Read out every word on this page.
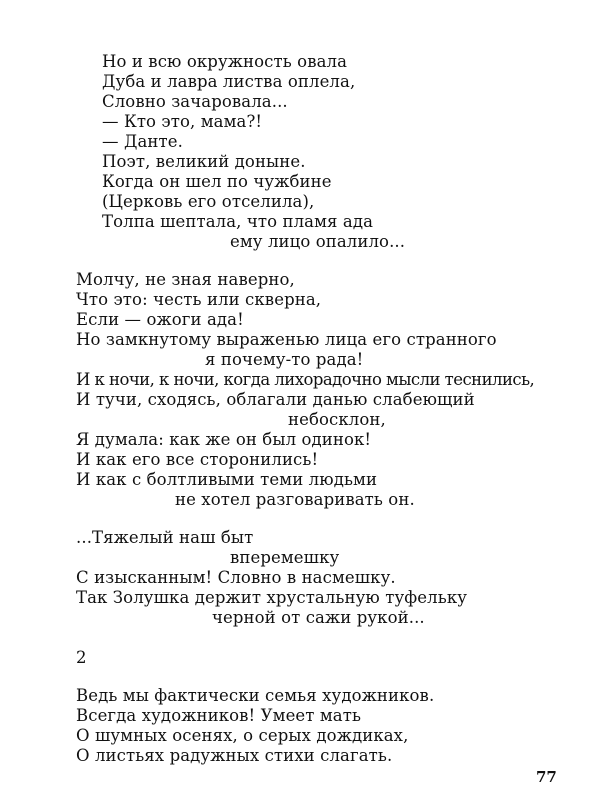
Но и всю окружность овала
Дуба и лавра листва оплела,
Словно зачаровала...
— Кто это, мама?!
— Данте.
Поэт, великий доныне.
Когда он шел по чужбине
(Церковь его отселила),
Толпа шептала, что пламя ада
ему лицо опалило...
Молчу, не зная наверно,
Что это: честь или скверна,
Если — ожоги ада!
Но замкнутому выраженью лица его странного
я почему-то рада!
И к ночи, к ночи, когда лихорадочно мысли теснились,
И тучи, сходясь, облагали данью слабеющий
небосклон,
Я думала: как же он был одинок!
И как его все сторонились!
И как с болтливыми теми людьми
не хотел разговаривать он.
...Тяжелый наш быт
вперемешку
С изысканным! Словно в насмешку.
Так Золушка держит хрустальную туфельку
черной от сажи рукой...
2
Ведь мы фактически семья художников.
Всегда художников! Умеет мать
О шумных осенях, о серых дождиках,
О листьях радужных стихи слагать.
77
